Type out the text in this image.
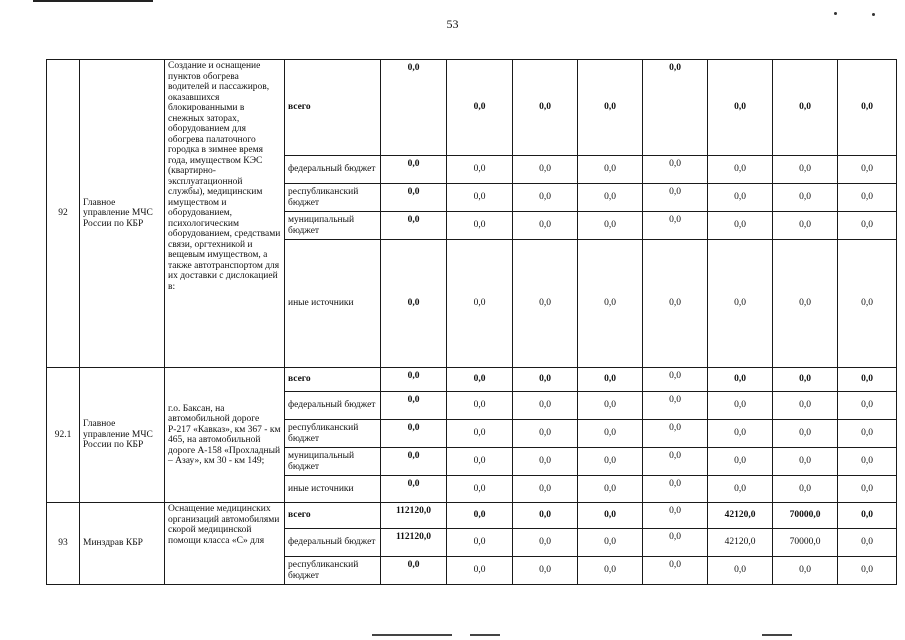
53
92	Главное управление МЧС России по КБР	Создание и оснащение пунктов обогрева водителей и пассажиров, оказавшихся блокированными в снежных заторах, оборудованием для обогрева палаточного городка в зимнее время года, имуществом КЭС (квартирно-эксплуатационной службы), медицинским имуществом и оборудованием, психологическим оборудованием, средствами связи, оргтехникой и вещевым имуществом, а также автотранспортом для их доставки с дислокацией в:	всего	0,0	0,0	0,0	0,0	0,0	0,0	0,0	0,0
			федеральный бюджет	0,0	0,0	0,0	0,0	0,0	0,0	0,0	0,0
			республиканский бюджет	0,0	0,0	0,0	0,0	0,0	0,0	0,0	0,0
			муниципальный бюджет	0,0	0,0	0,0	0,0	0,0	0,0	0,0	0,0
			иные источники	0,0	0,0	0,0	0,0	0,0	0,0	0,0	0,0
92.1	Главное управление МЧС России по КБР	г.о. Баксан, на автомобильной дороге Р-217 «Кавказ», км 367 - км 465, на автомобильной дороге А-158 «Прохладный – Азау», км 30 - км 149;	всего	0,0	0,0	0,0	0,0	0,0	0,0	0,0	0,0
			федеральный бюджет	0,0	0,0	0,0	0,0	0,0	0,0	0,0	0,0
			республиканский бюджет	0,0	0,0	0,0	0,0	0,0	0,0	0,0	0,0
			муниципальный бюджет	0,0	0,0	0,0	0,0	0,0	0,0	0,0	0,0
			иные источники	0,0	0,0	0,0	0,0	0,0	0,0	0,0	0,0
93	Минздрав КБР	Оснащение медицинских организаций автомобилями скорой медицинской помощи класса «С» для	всего	112120,0	0,0	0,0	0,0	0,0	42120,0	70000,0	0,0
			федеральный бюджет	112120,0	0,0	0,0	0,0	0,0	42120,0	70000,0	0,0
			республиканский бюджет	0,0	0,0	0,0	0,0	0,0	0,0	0,0	0,0
